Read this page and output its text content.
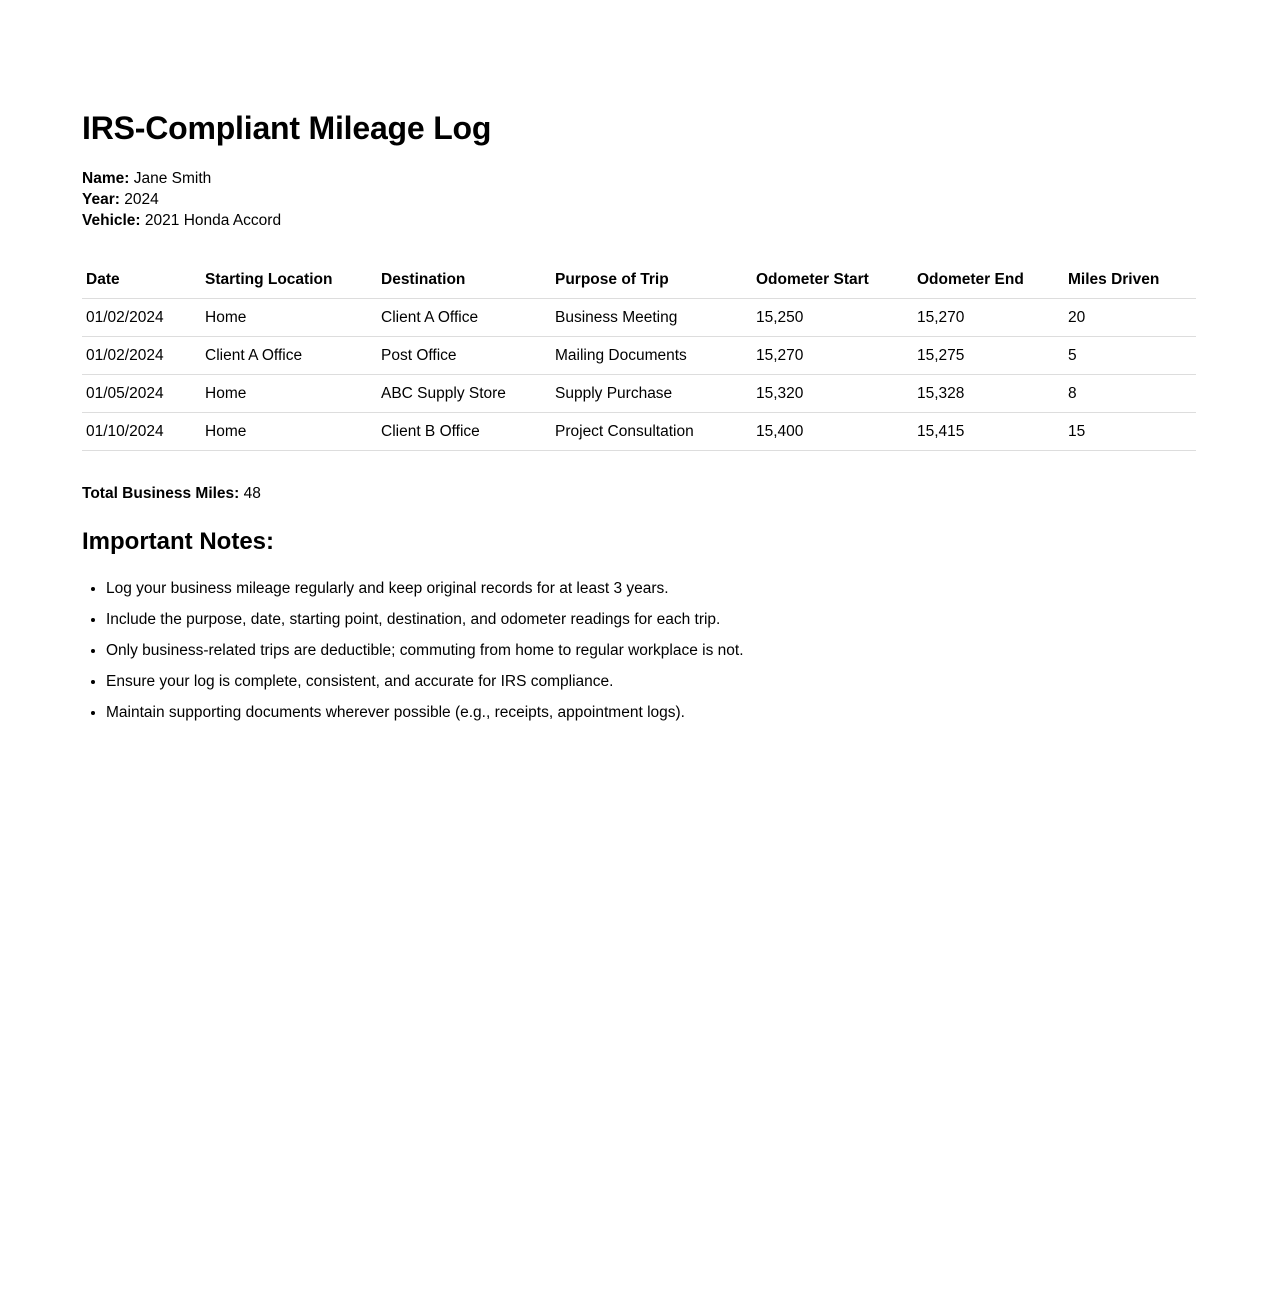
IRS-Compliant Mileage Log
Name: Jane Smith
Year: 2024
Vehicle: 2021 Honda Accord
Date	Starting Location	Destination	Purpose of Trip	Odometer Start	Odometer End	Miles Driven
01/02/2024	Home	Client A Office	Business Meeting	15,250	15,270	20
01/02/2024	Client A Office	Post Office	Mailing Documents	15,270	15,275	5
01/05/2024	Home	ABC Supply Store	Supply Purchase	15,320	15,328	8
01/10/2024	Home	Client B Office	Project Consultation	15,400	15,415	15
Total Business Miles: 48
Important Notes:
• Log your business mileage regularly and keep original records for at least 3 years.
• Include the purpose, date, starting point, destination, and odometer readings for each trip.
• Only business-related trips are deductible; commuting from home to regular workplace is not.
• Ensure your log is complete, consistent, and accurate for IRS compliance.
• Maintain supporting documents wherever possible (e.g., receipts, appointment logs).
